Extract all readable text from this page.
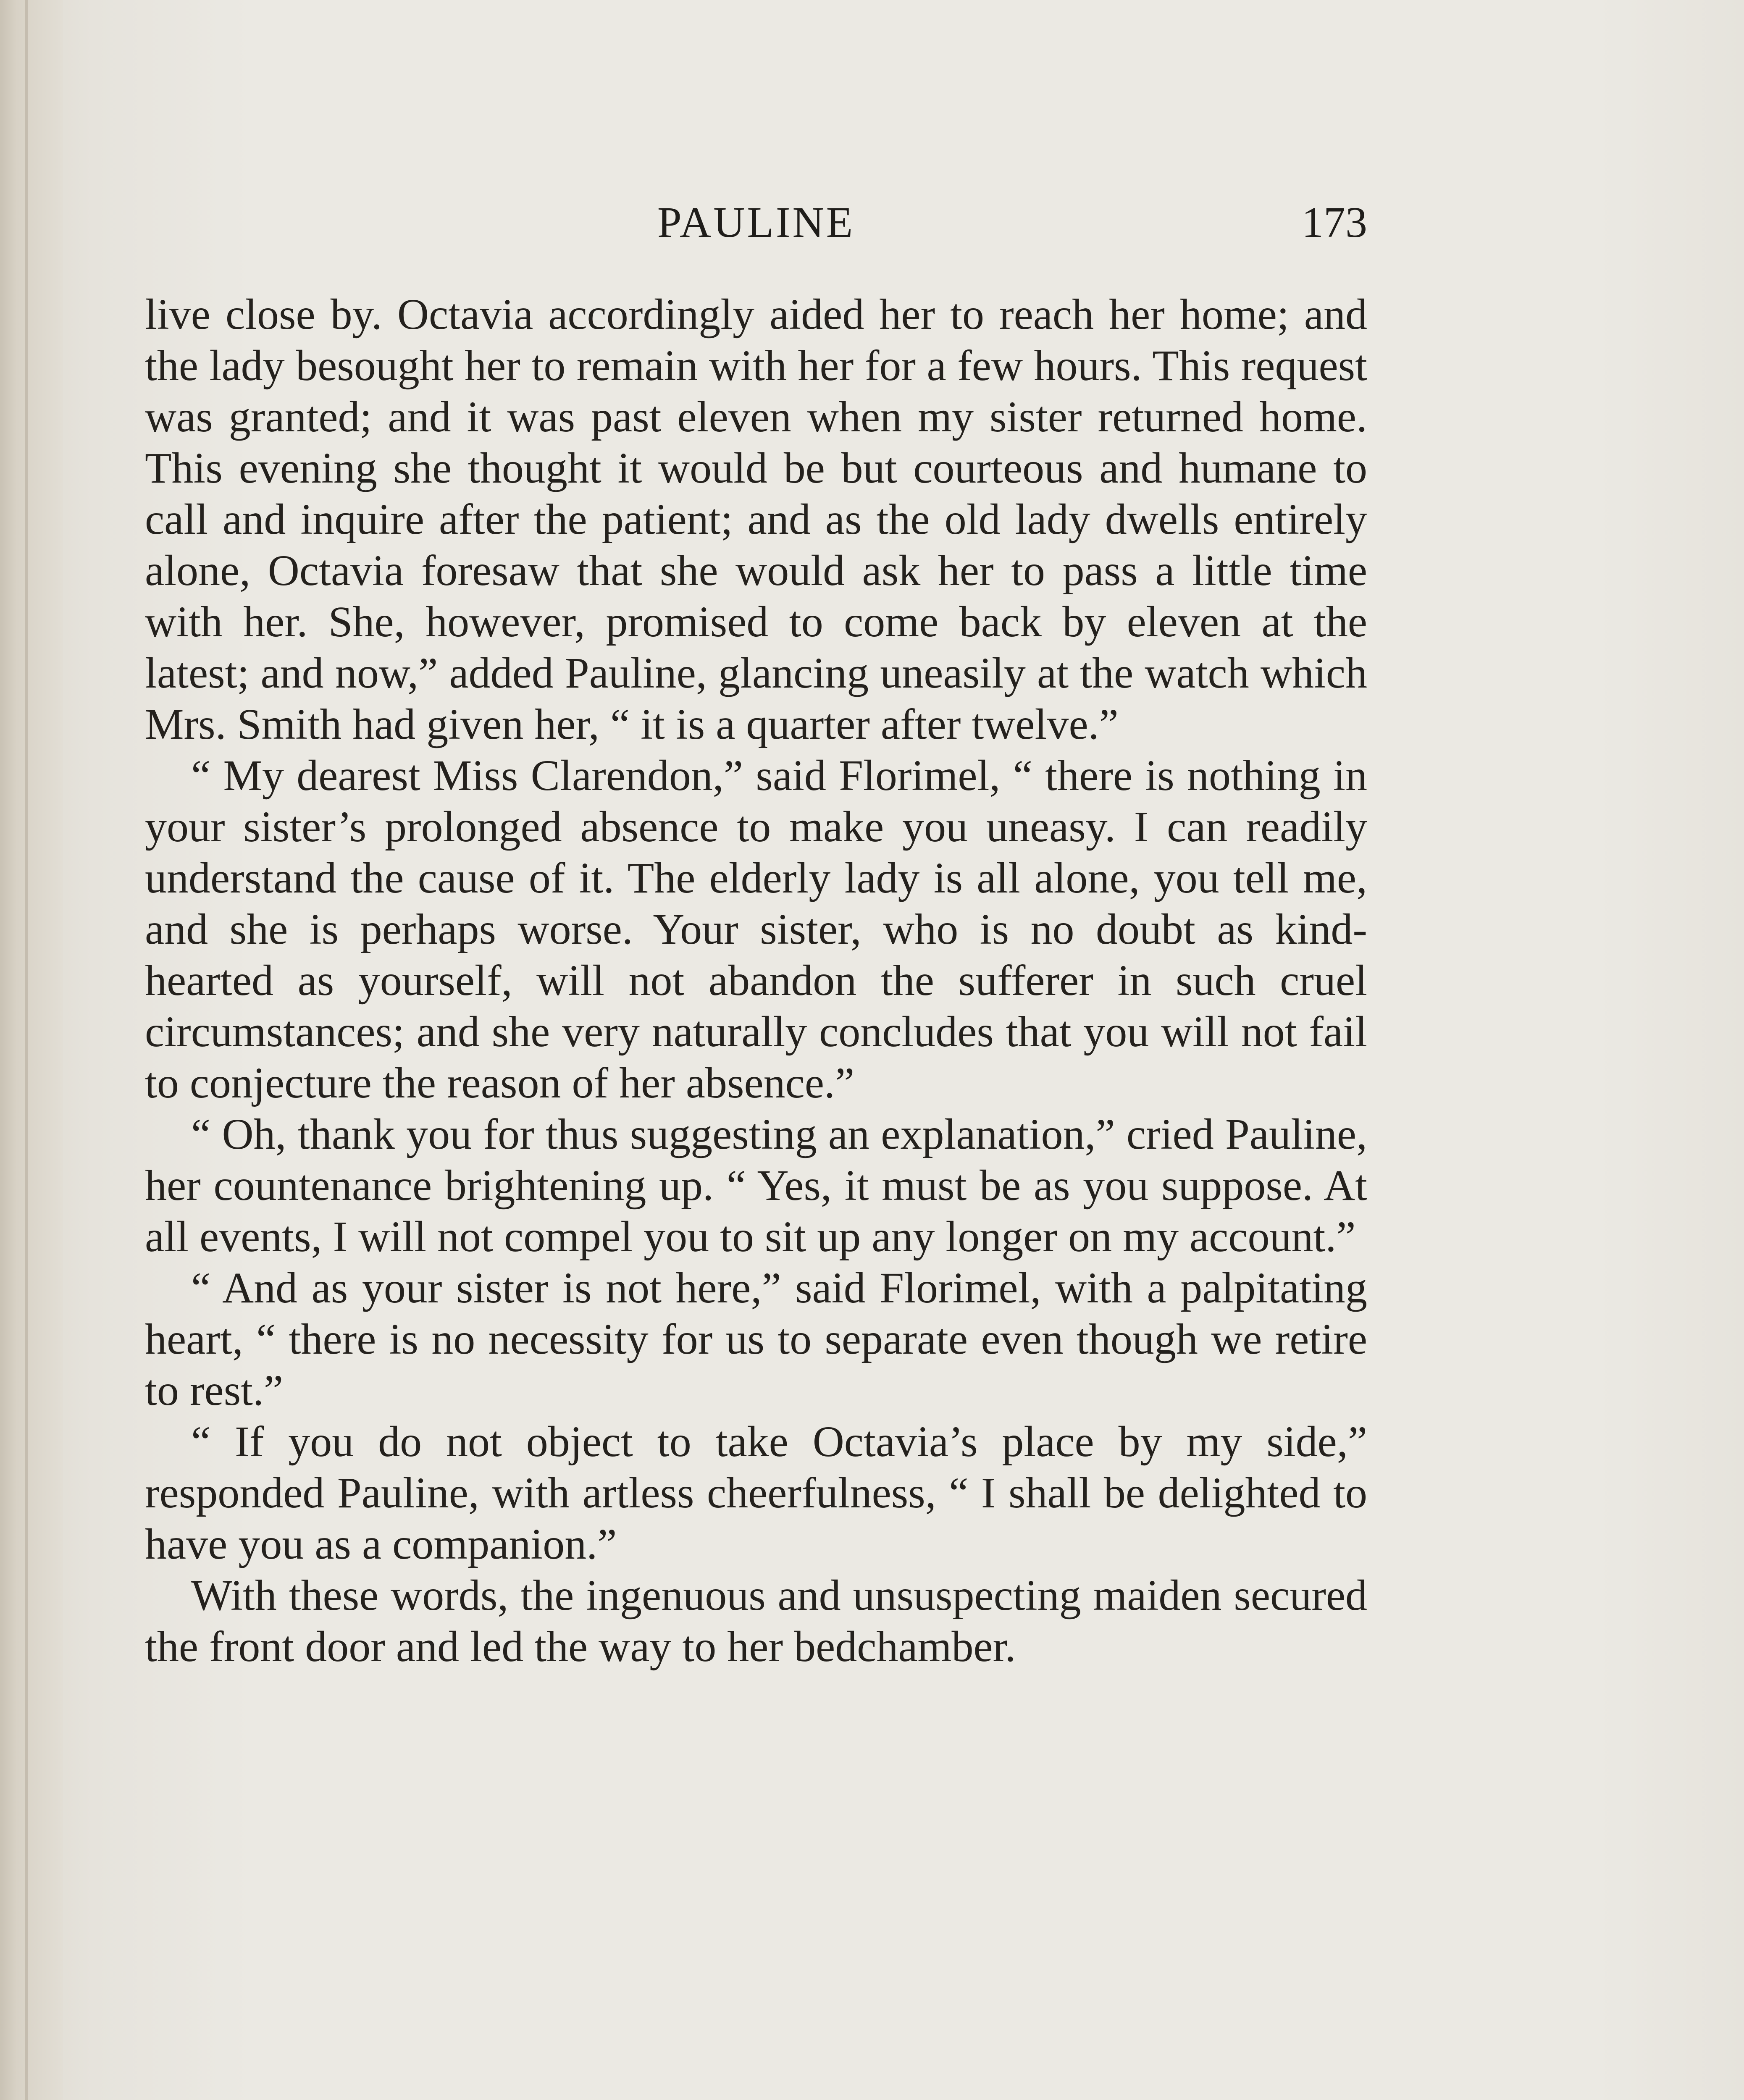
PAULINE	173

live close by. Octavia accordingly aided her to reach her home; and the lady besought her to remain with her for a few hours. This request was granted; and it was past eleven when my sister returned home. This evening she thought it would be but courteous and humane to call and inquire after the patient; and as the old lady dwells entirely alone, Octavia foresaw that she would ask her to pass a little time with her. She, however, promised to come back by eleven at the latest; and now,” added Pauline, glancing uneasily at the watch which Mrs. Smith had given her, “ it is a quarter after twelve.”

“ My dearest Miss Clarendon,” said Florimel, “ there is nothing in your sister’s prolonged absence to make you uneasy. I can readily understand the cause of it. The elderly lady is all alone, you tell me, and she is perhaps worse. Your sister, who is no doubt as kind-hearted as yourself, will not abandon the sufferer in such cruel circumstances; and she very naturally concludes that you will not fail to conjecture the reason of her absence.”

“ Oh, thank you for thus suggesting an explanation,” cried Pauline, her countenance brightening up. “ Yes, it must be as you suppose. At all events, I will not compel you to sit up any longer on my account.”

“ And as your sister is not here,” said Florimel, with a palpitating heart, “ there is no necessity for us to separate even though we retire to rest.”

“ If you do not object to take Octavia’s place by my side,” responded Pauline, with artless cheerfulness, “ I shall be delighted to have you as a companion.”

With these words, the ingenuous and unsuspecting maiden secured the front door and led the way to her bedchamber.
